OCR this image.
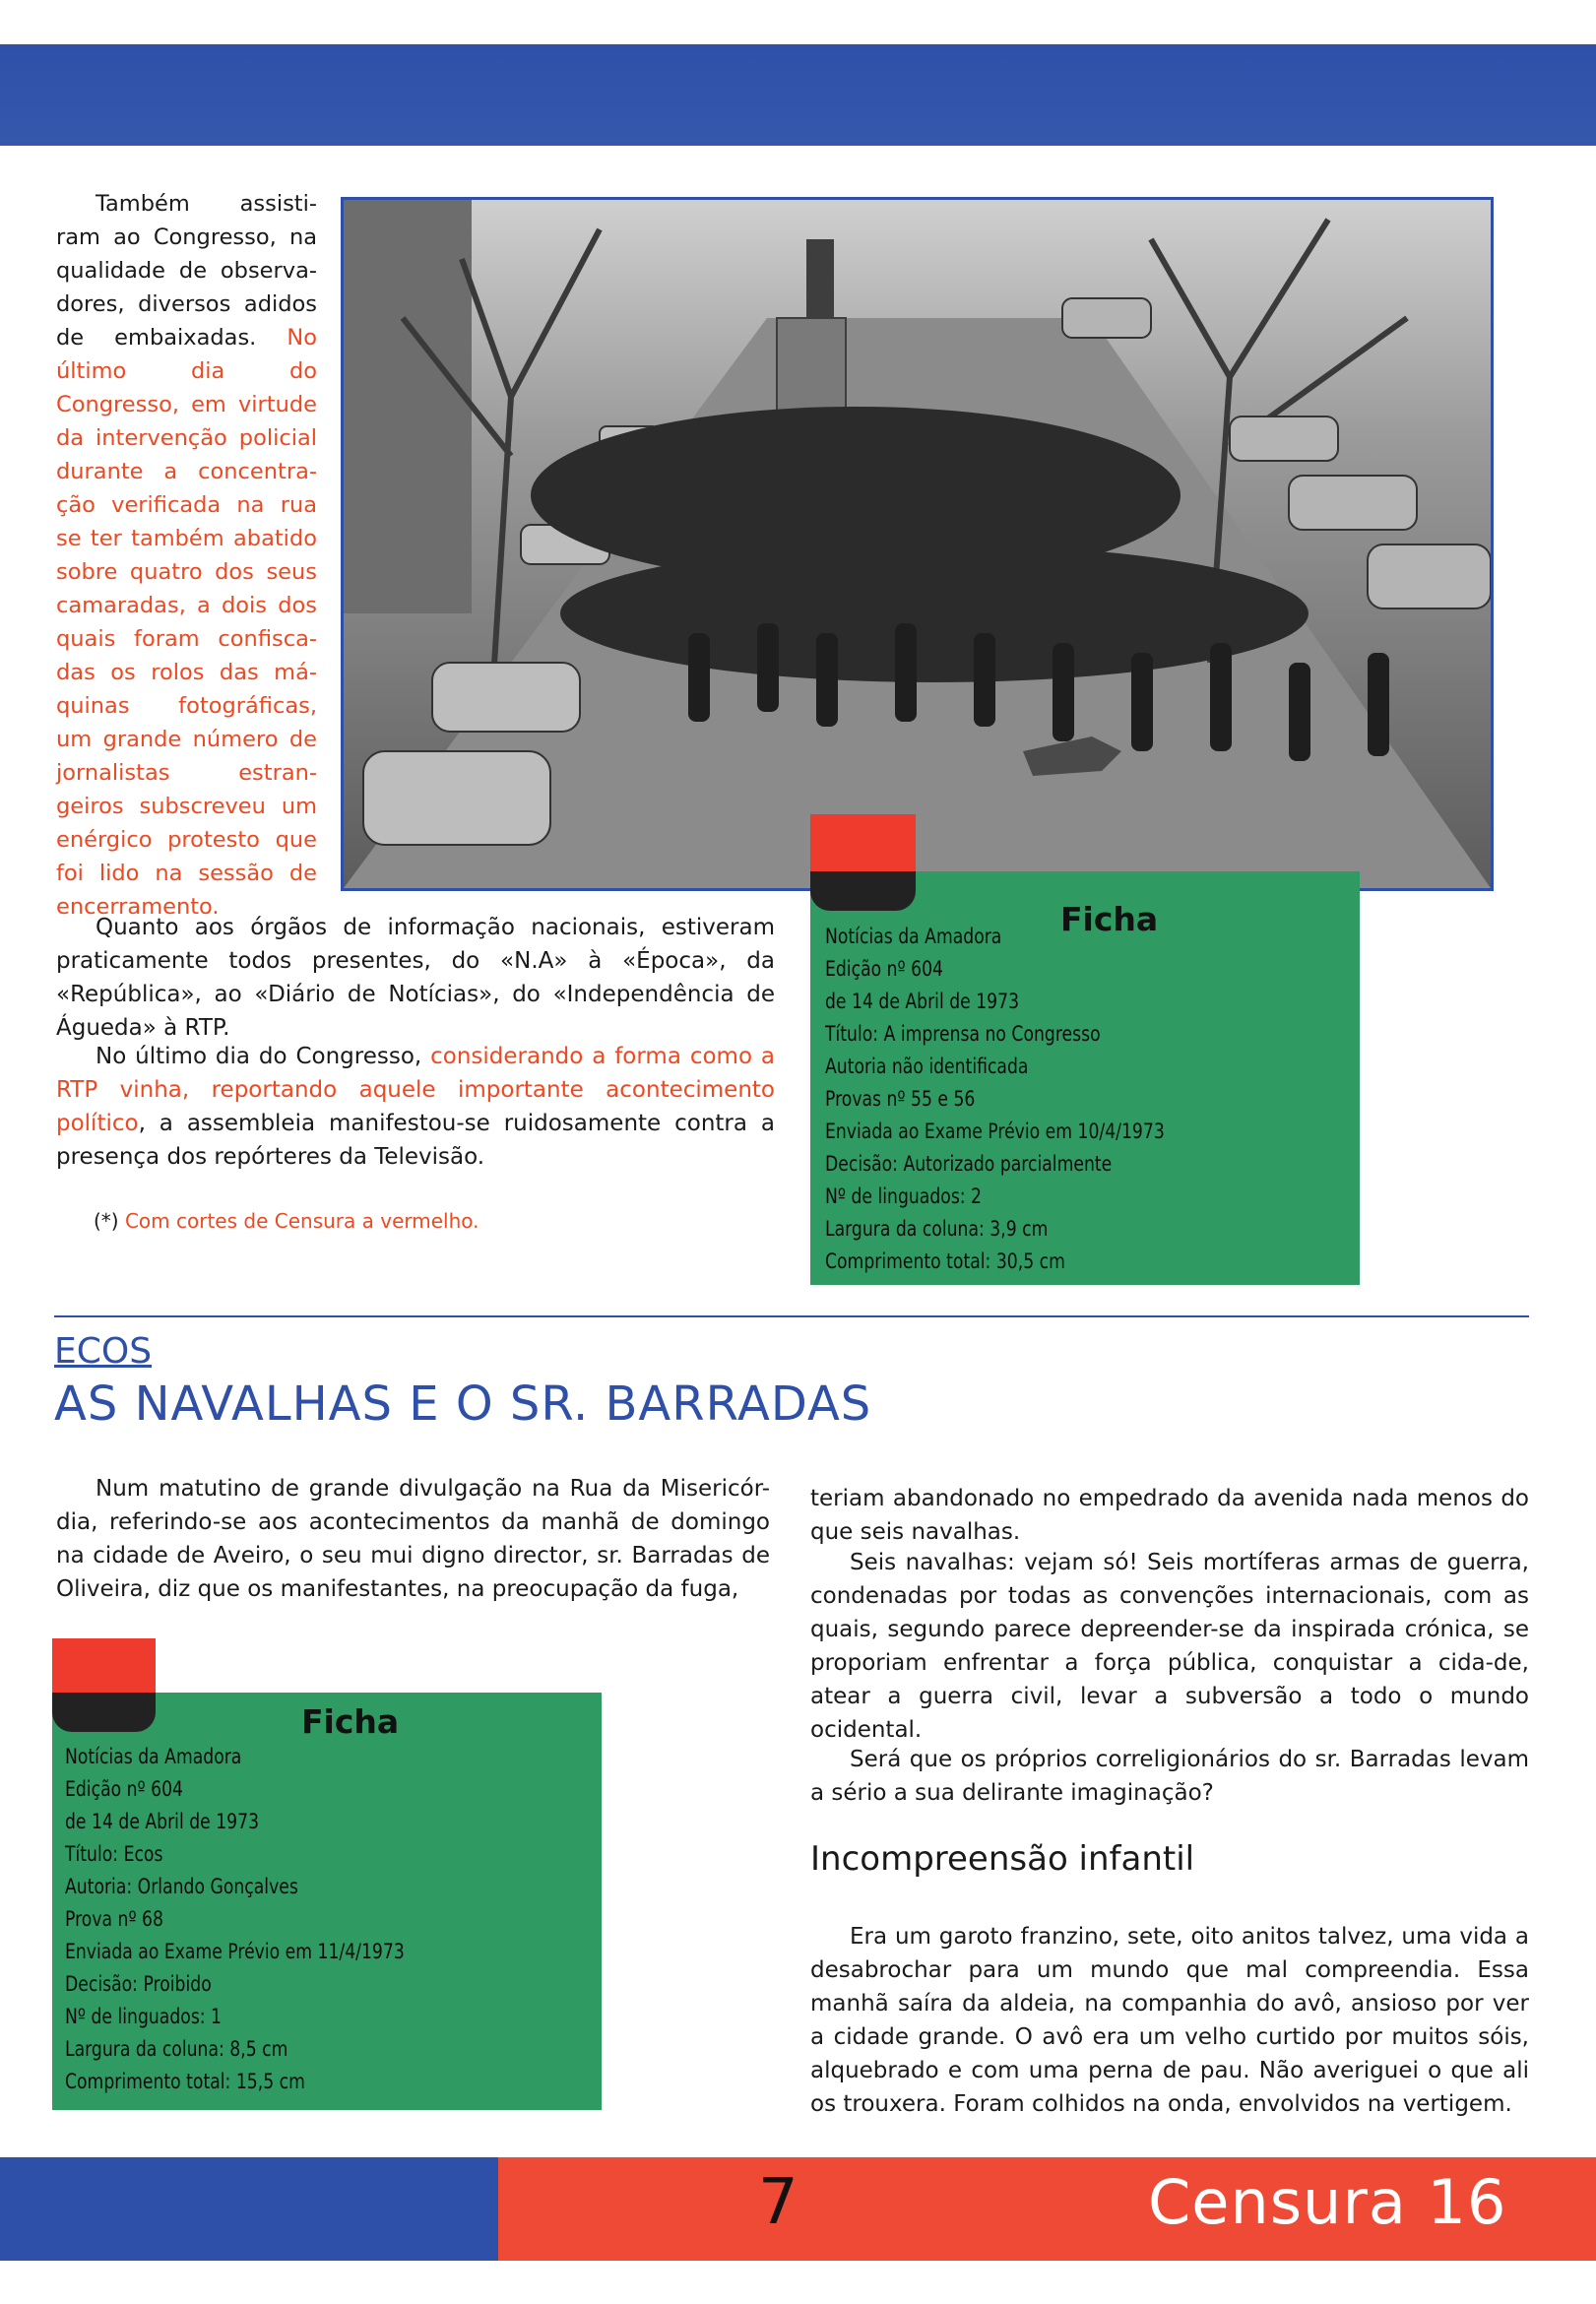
Também assisti-ram ao Congresso, na qualidade de observa-dores, diversos adidos de embaixadas. No último dia do Congresso, em virtude da intervenção policial durante a concentra-ção verificada na rua se ter também abatido sobre quatro dos seus camaradas, a dois dos quais foram confisca-das os rolos das má-quinas fotográficas, um grande número de jornalistas estran-geiros subscreveu um enérgico protesto que foi lido na sessão de encerramento.

Quanto aos órgãos de informação nacionais, estiveram praticamente todos presentes, do «N.A» à «Época», da «República», ao «Diário de Notícias», do «Independência de Águeda» à RTP.

No último dia do Congresso, considerando a forma como a RTP vinha, reportando aquele importante acontecimento político, a assembleia manifestou-se ruidosamente contra a presença dos repórteres da Televisão.

(*) Com cortes de Censura a vermelho.
Ficha
Notícias da Amadora
Edição nº 604
de 14 de Abril de 1973
Título: A imprensa no Congresso
Autoria não identificada
Provas nº 55 e 56
Enviada ao Exame Prévio em 10/4/1973
Decisão: Autorizado parcialmente
Nº de linguados: 2
Largura da coluna: 3,9 cm
Comprimento total: 30,5 cm
ECOS
AS NAVALHAS E O SR. BARRADAS

Num matutino de grande divulgação na Rua da Misericór-dia, referindo-se aos acontecimentos da manhã de domingo na cidade de Aveiro, o seu mui digno director, sr. Barradas de Oliveira, diz que os manifestantes, na preocupação da fuga,

Ficha
Notícias da Amadora
Edição nº 604
de 14 de Abril de 1973
Título: Ecos
Autoria: Orlando Gonçalves
Prova nº 68
Enviada ao Exame Prévio em 11/4/1973
Decisão: Proibido
Nº de linguados: 1
Largura da coluna: 8,5 cm
Comprimento total: 15,5 cm

teriam abandonado no empedrado da avenida nada menos do que seis navalhas.

Seis navalhas: vejam só! Seis mortíferas armas de guerra, condenadas por todas as convenções internacionais, com as quais, segundo parece depreender-se da inspirada crónica, se proporiam enfrentar a força pública, conquistar a cida-de, atear a guerra civil, levar a subversão a todo o mundo ocidental.

Será que os próprios correligionários do sr. Barradas levam a sério a sua delirante imaginação?

Incompreensão infantil

Era um garoto franzino, sete, oito anitos talvez, uma vida a desabrochar para um mundo que mal compreendia. Essa manhã saíra da aldeia, na companhia do avô, ansioso por ver a cidade grande. O avô era um velho curtido por muitos sóis, alquebrado e com uma perna de pau. Não averiguei o que ali os trouxera. Foram colhidos na onda, envolvidos na vertigem.

7	Censura 16
